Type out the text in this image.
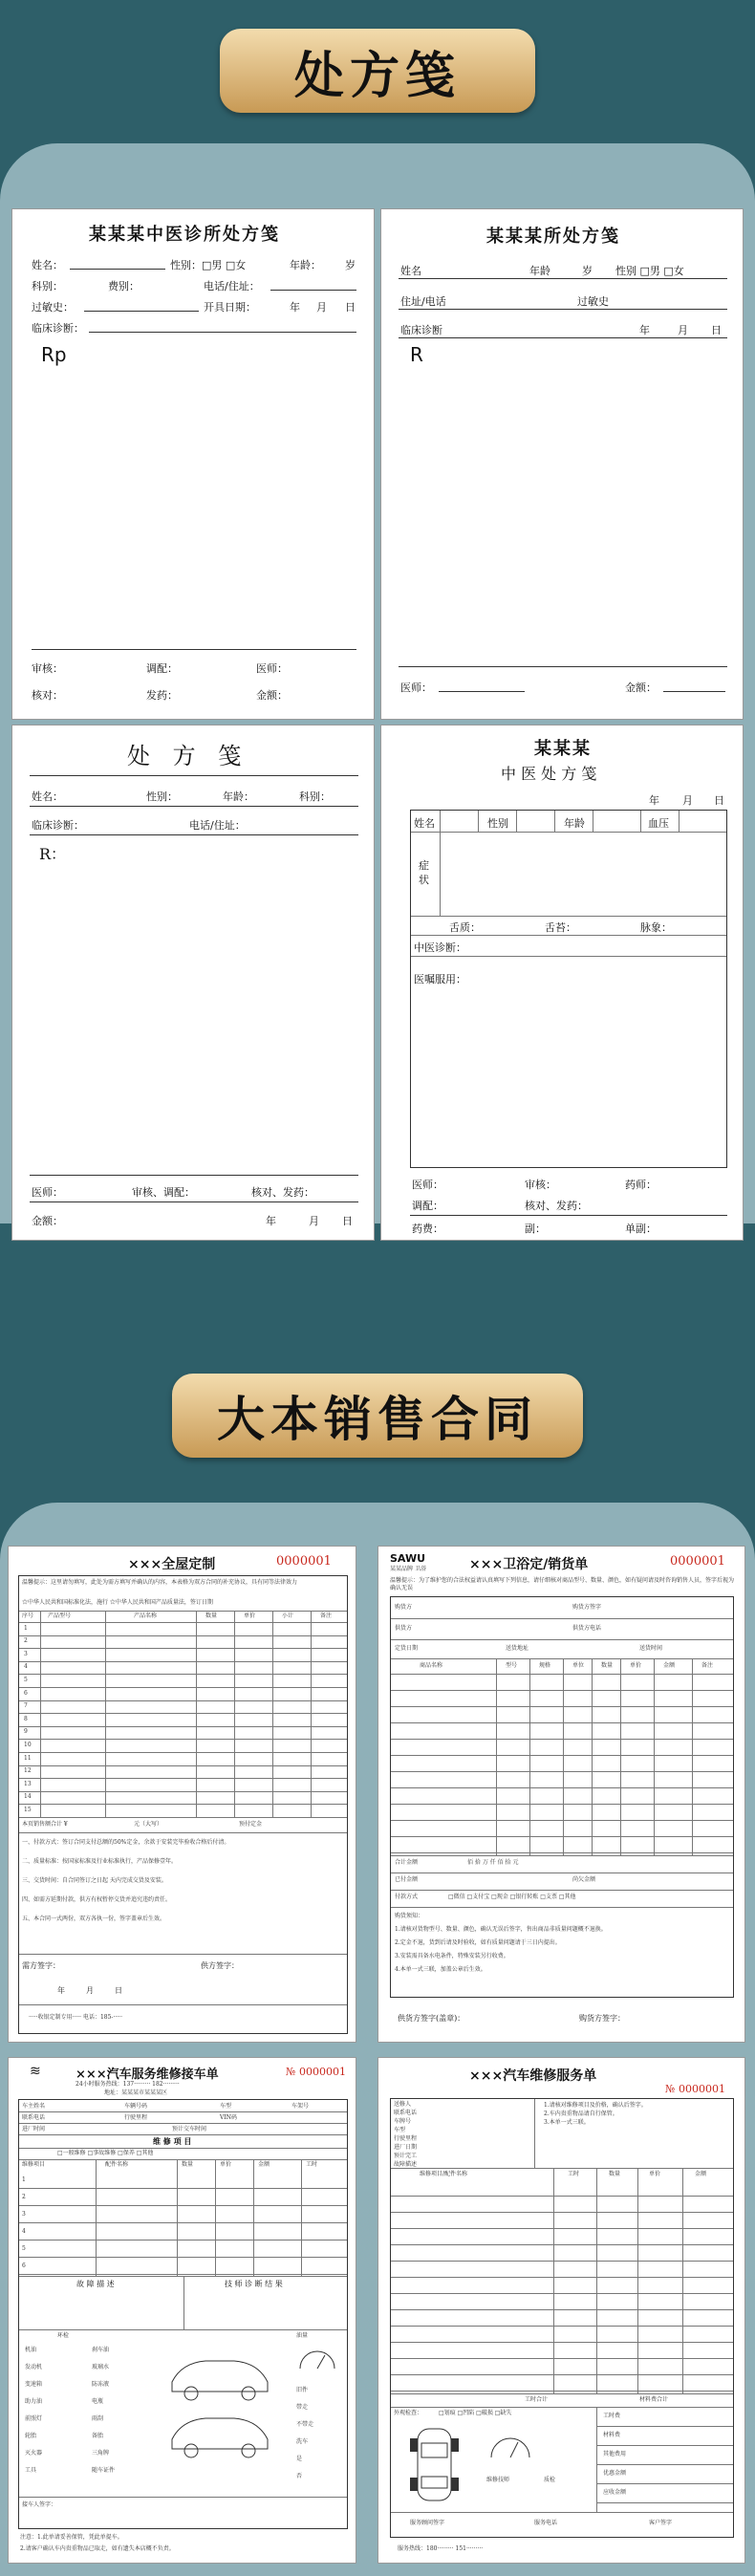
处方笺
某某某中医诊所处方笺
姓名：	性别：□男 □女	年龄： 岁
科别：	费别：	电话/住址：
过敏史：	开具日期：	年 月 日
临床诊断：
Rp
审核：	调配：	医师：
核对：	发药：	金额：
某某某所处方笺
姓名	年龄	岁 性别 □男 □女
住址/电话	过敏史
临床诊断	年	月 日
R
医师：	金额：
处 方 笺
姓名：	性别：	年龄：	科别：
临床诊断：	电话/住址：
R：
医师：	审核、调配：	核对、发药：
金额：	年	月 日
某某某
中 医 处 方 笺
年 月 日
姓名	性别	年龄	血压
症
状
舌质：	舌苔：	脉象：
中医诊断：
医嘱服用：
医师：	审核：	药师：
调配：	核对、发药：
药费：	副：	单副：
大本销售合同
×××全屋定制	0000001
温馨提示：这里请勿填写，此处为需方填写并确认的内容，本表格为双方合同的补充协议，具有同等法律效力
☆中华人民共和国标准化法，施行 ☆中华人民共和国产品质量法，签订日期
序号 产品型号	产品名称	数量	单价	小计	备注
1
2
3
4
5
6
7
8
9
10
11
12
13
14
15
本页销售额合计 ¥	元（大写）	预付定金
一、付款方式：签订合同支付总额的50%定金，余款于安装完毕验收合格后付清。
二、质量标准：按国家标准及行业标准执行，产品保修壹年。
三、交货时间：自合同签订之日起 天内完成交货及安装。
四、如需方延期付款，供方有权暂停交货并追究违约责任。
五、本合同一式两份，双方各执一份，签字盖章后生效。
需方签字：	供方签字：
年	月	日
·····收银定制专用····· 电话：185-·····
SAWU
某某品牌 卫浴	×××卫浴定/销货单	0000001
温馨提示：为了维护您的合法权益请认真填写下列信息，请仔细核对商品型号、数量、颜色，如有疑问请及时咨询销售人员，签字后视为确认无误
购货方	购货方签字
供货方	供货方电话
定货日期	送货地址	送货时间
商品名称	型号	规格	单位	数量	单价	金额	备注
合计金额	佰 拾 万 仟 佰 拾 元
已付金额	尚欠金额
付款方式	□微信 □支付宝 □现金 □银行转账 □支票 □其他
购货须知：
1.请核对货物型号、数量、颜色，确认无误后签字，售出商品非质量问题概不退换。
2.定金不退，货到后请及时验收，如有质量问题请于三日内提出。
3.安装需具备水电条件，特殊安装另行收费。
4.本单一式三联，加盖公章后生效。
供货方签字(盖章)：	购货方签字：
≋	×××汽车服务维修接车单	№ 0000001
24小时服务热线：137········· 182·········
地址：某某某市某某某区
车主姓名	车辆号码	车型	车架号
联系电话	行驶里程	VIN码
进厂时间	预计交车时间
维 修 项 目
□一般维修 □事故维修 □保养 □其他
维修项目	配件名称	数量	单价	金额	工时
1
2
3
4
5
6
故 障 描 述	技 师 诊 断 结 果
环检
机油	刹车油
发动机	玻璃水
变速箱	防冻液
助力油	电瓶
前照灯	雨刮
轮胎	备胎
灭火器	三角牌
工具	随车证件
油量
旧件
带走
不带走
洗车
是
否
接车人签字：
注意：1.此单请妥善保管，凭此单提车。
2.请客户确认车内贵重物品已取走，如有遗失本店概不负责。
×××汽车维修服务单
№ 0000001
送修人
联系电话
车牌号
车型
行驶里程
进厂日期
预计完工
故障描述
1.请核对维修项目及价格，确认后签字。
2.车内贵重物品请自行保管。
3.本单一式三联。
维修项目/配件名称	工时	数量	单价	金额
工时合计	材料费合计
外观检查：	□划痕 □凹陷 □破损 □缺失	工时费
材料费
其他费用
优惠金额
应收金额
维修技师	质检
服务顾问签字	服务电话	客户签字
服务热线：180········· 151·········
